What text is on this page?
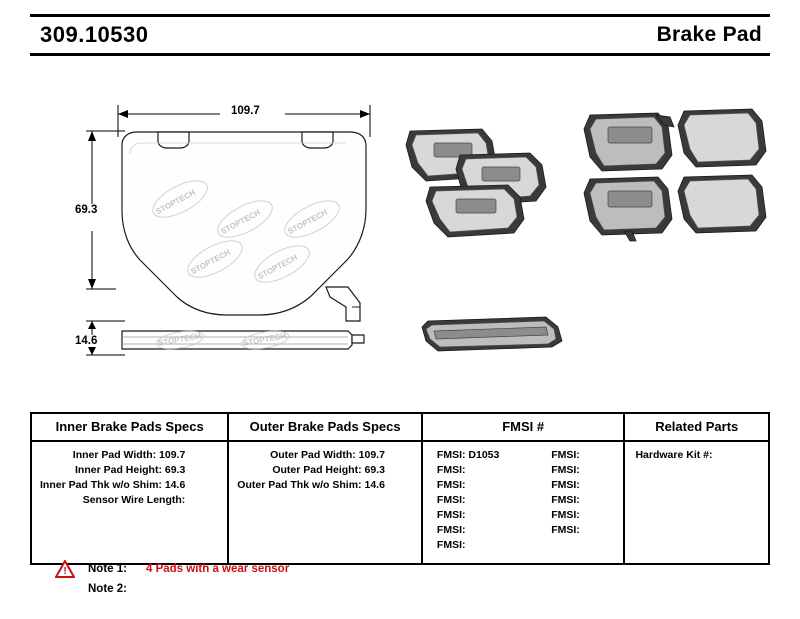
309.10530	Brake Pad
109.7
69.3
14.6
STOPTECH
STOPTECH	STOPTECH
STOPTECH	STOPTECH
STOPTECH	STOPTECH
Inner Brake Pads Specs	Outer Brake Pads Specs	FMSI #	Related Parts

Inner Pad Width: 109.7
Inner Pad Height: 69.3
Inner Pad Thk w/o Shim: 14.6
Sensor Wire Length:

Outer Pad Width: 109.7
Outer Pad Height: 69.3
Outer Pad Thk w/o Shim: 14.6

FMSI: D1053
FMSI:
FMSI:
FMSI:
FMSI:
FMSI:
FMSI:
FMSI:
FMSI:
FMSI:
FMSI:
FMSI:
FMSI:

Hardware Kit #:
! Note 1:	4 Pads with a wear sensor
Note 2:
